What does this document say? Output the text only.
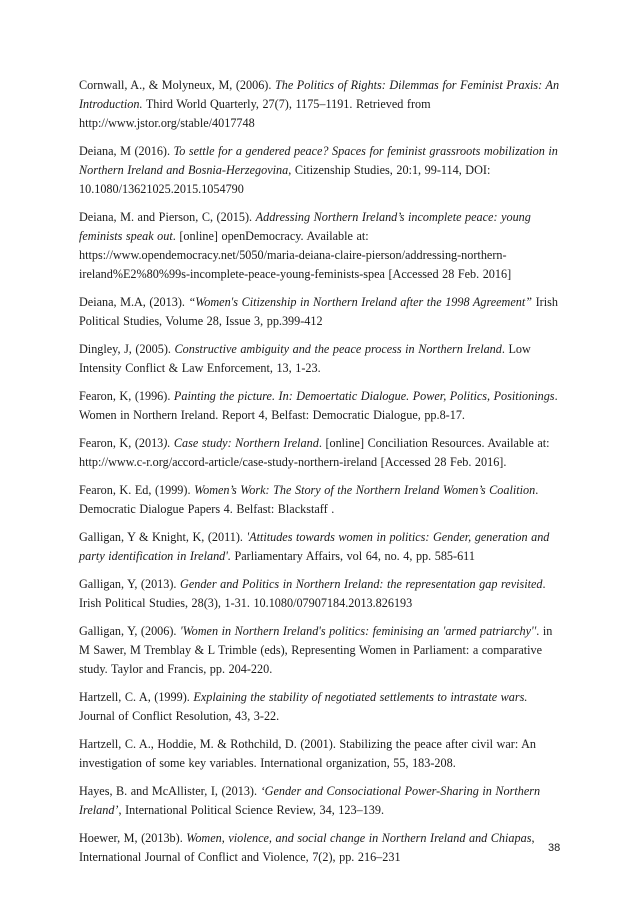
Cornwall, A., & Molyneux, M, (2006). The Politics of Rights: Dilemmas for Feminist Praxis: An Introduction. Third World Quarterly, 27(7), 1175–1191. Retrieved from http://www.jstor.org/stable/4017748

Deiana, M (2016). To settle for a gendered peace? Spaces for feminist grassroots mobilization in Northern Ireland and Bosnia-Herzegovina, Citizenship Studies, 20:1, 99-114, DOI: 10.1080/13621025.2015.1054790

Deiana, M. and Pierson, C, (2015). Addressing Northern Ireland’s incomplete peace: young feminists speak out. [online] openDemocracy. Available at: https://www.opendemocracy.net/5050/maria-deiana-claire-pierson/addressing-northern-ireland%E2%80%99s-incomplete-peace-young-feminists-spea [Accessed 28 Feb. 2016]

Deiana, M.A, (2013). “Women's Citizenship in Northern Ireland after the 1998 Agreement” Irish Political Studies, Volume 28, Issue 3, pp.399-412

Dingley, J, (2005). Constructive ambiguity and the peace process in Northern Ireland. Low Intensity Conflict & Law Enforcement, 13, 1-23.

Fearon, K, (1996). Painting the picture. In: Demoertatic Dialogue. Power, Politics, Positionings. Women in Northern Ireland. Report 4, Belfast: Democratic Dialogue, pp.8-17.

Fearon, K, (2013). Case study: Northern Ireland. [online] Conciliation Resources. Available at: http://www.c-r.org/accord-article/case-study-northern-ireland [Accessed 28 Feb. 2016].

Fearon, K. Ed, (1999). Women’s Work: The Story of the Northern Ireland Women’s Coalition. Democratic Dialogue Papers 4. Belfast: Blackstaff .

Galligan, Y & Knight, K, (2011). 'Attitudes towards women in politics: Gender, generation and party identification in Ireland'. Parliamentary Affairs, vol 64, no. 4, pp. 585-611

Galligan, Y, (2013). Gender and Politics in Northern Ireland: the representation gap revisited. Irish Political Studies, 28(3), 1-31. 10.1080/07907184.2013.826193

Galligan, Y, (2006). 'Women in Northern Ireland's politics: feminising an 'armed patriarchy''. in M Sawer, M Tremblay & L Trimble (eds), Representing Women in Parliament: a comparative study. Taylor and Francis, pp. 204-220.

Hartzell, C. A, (1999). Explaining the stability of negotiated settlements to intrastate wars. Journal of Conflict Resolution, 43, 3-22.

Hartzell, C. A., Hoddie, M. & Rothchild, D. (2001). Stabilizing the peace after civil war: An investigation of some key variables. International organization, 55, 183-208.

Hayes, B. and McAllister, I, (2013). ‘Gender and Consociational Power-Sharing in Northern Ireland’, International Political Science Review, 34, 123–139.

Hoewer, M, (2013b). Women, violence, and social change in Northern Ireland and Chiapas, International Journal of Conflict and Violence, 7(2), pp. 216–231

38
